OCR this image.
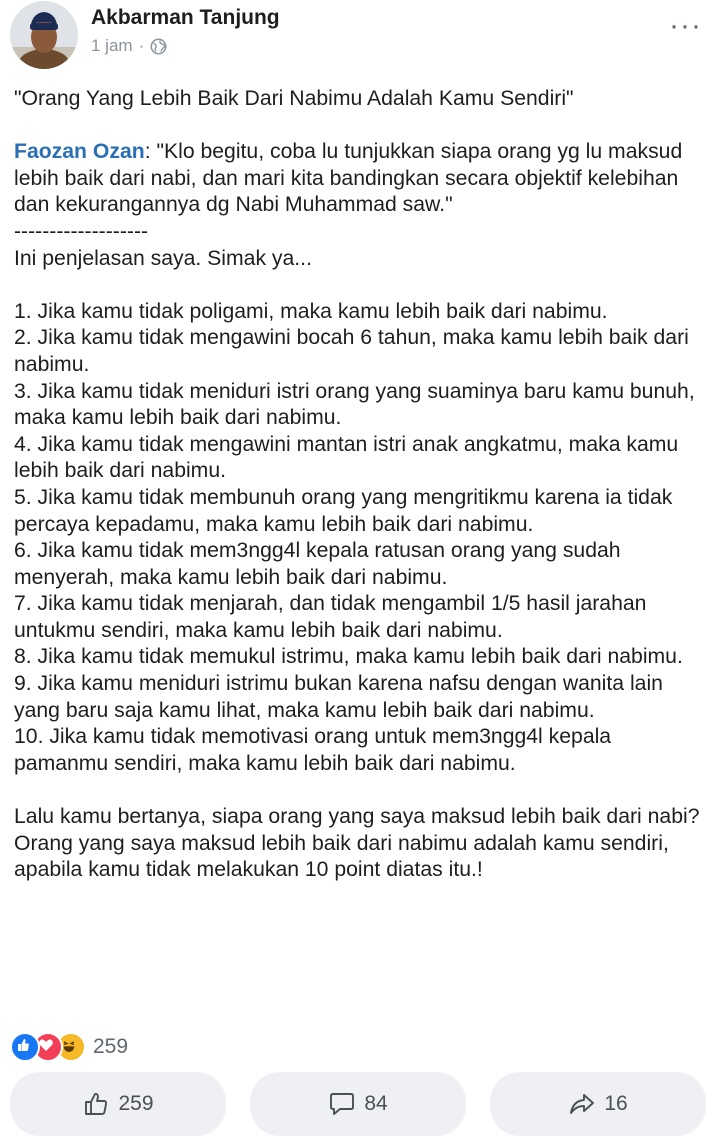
Akbarman Tanjung
1 jam ·
···

"Orang Yang Lebih Baik Dari Nabimu Adalah Kamu Sendiri"

Faozan Ozan: "Klo begitu, coba lu tunjukkan siapa orang yg lu maksud lebih baik dari nabi, dan mari kita bandingkan secara objektif kelebihan dan kekurangannya dg Nabi Muhammad saw."

-------------------

Ini penjelasan saya. Simak ya...

1. Jika kamu tidak poligami, maka kamu lebih baik dari nabimu.

2. Jika kamu tidak mengawini bocah 6 tahun, maka kamu lebih baik dari nabimu.

3. Jika kamu tidak meniduri istri orang yang suaminya baru kamu bunuh, maka kamu lebih baik dari nabimu.

4. Jika kamu tidak mengawini mantan istri anak angkatmu, maka kamu lebih baik dari nabimu.

5. Jika kamu tidak membunuh orang yang mengritikmu karena ia tidak percaya kepadamu, maka kamu lebih baik dari nabimu.

6. Jika kamu tidak mem3ngg4l kepala ratusan orang yang sudah menyerah, maka kamu lebih baik dari nabimu.

7. Jika kamu tidak menjarah, dan tidak mengambil 1/5 hasil jarahan untukmu sendiri, maka kamu lebih baik dari nabimu.

8. Jika kamu tidak memukul istrimu, maka kamu lebih baik dari nabimu.

9. Jika kamu meniduri istrimu bukan karena nafsu dengan wanita lain yang baru saja kamu lihat, maka kamu lebih baik dari nabimu.

10. Jika kamu tidak memotivasi orang untuk mem3ngg4l kepala pamanmu sendiri, maka kamu lebih baik dari nabimu.

Lalu kamu bertanya, siapa orang yang saya maksud lebih baik dari nabi? Orang yang saya maksud lebih baik dari nabimu adalah kamu sendiri, apabila kamu tidak melakukan 10 point diatas itu.!

259
259	84	16
